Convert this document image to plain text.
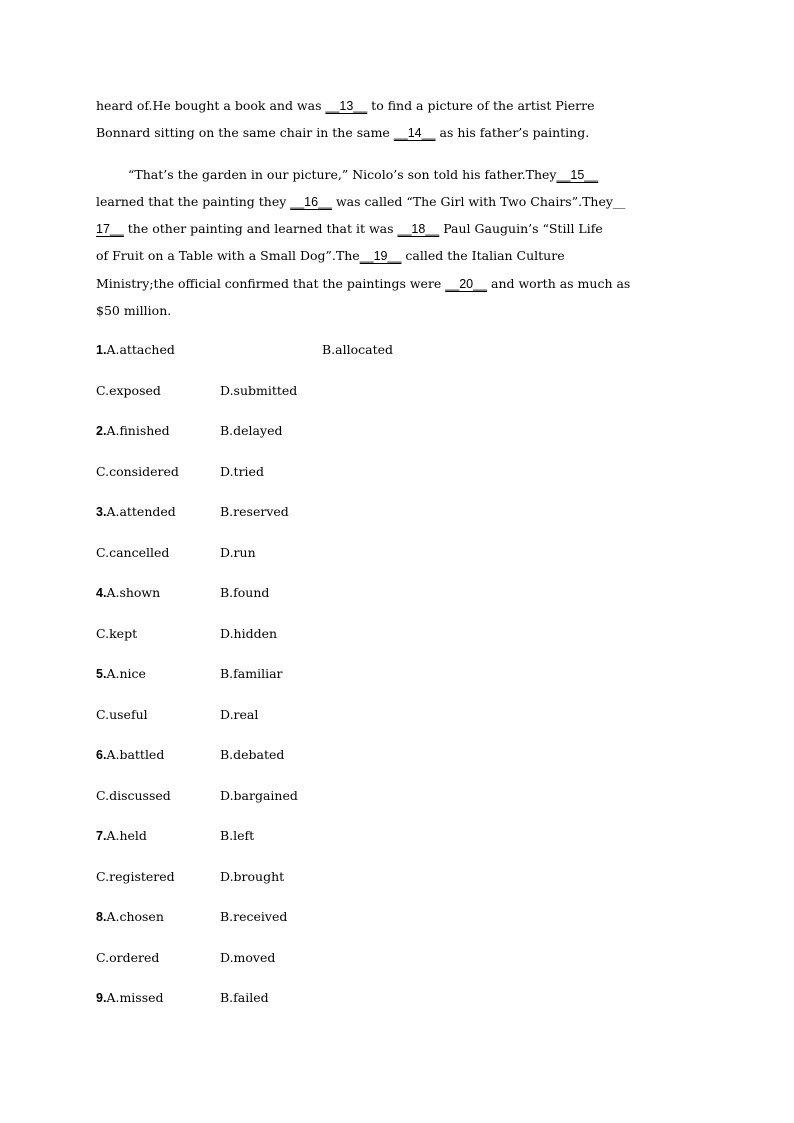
heard of.He bought a book and was __13__ to find a picture of the artist Pierre
Bonnard sitting on the same chair in the same __14__ as his father’s painting.
“That’s the garden in our picture,” Nicolo’s son told his father.They__15__
learned that the painting they __16__ was called “The Girl with Two Chairs”.They__
17__ the other painting and learned that it was __18__ Paul Gauguin’s “Still Life
of Fruit on a Table with a Small Dog”.The__19__ called the Italian Culture
Ministry;the official confirmed that the paintings were __20__ and worth as much as
$50 million.
1.A.attached	B.allocated
C.exposed	D.submitted
2.A.finished	B.delayed
C.considered	D.tried
3.A.attended	B.reserved
C.cancelled	D.run
4.A.shown	B.found
C.kept	D.hidden
5.A.nice	B.familiar
C.useful	D.real
6.A.battled	B.debated
C.discussed	D.bargained
7.A.held	B.left
C.registered	D.brought
8.A.chosen	B.received
C.ordered	D.moved
9.A.missed	B.failed
